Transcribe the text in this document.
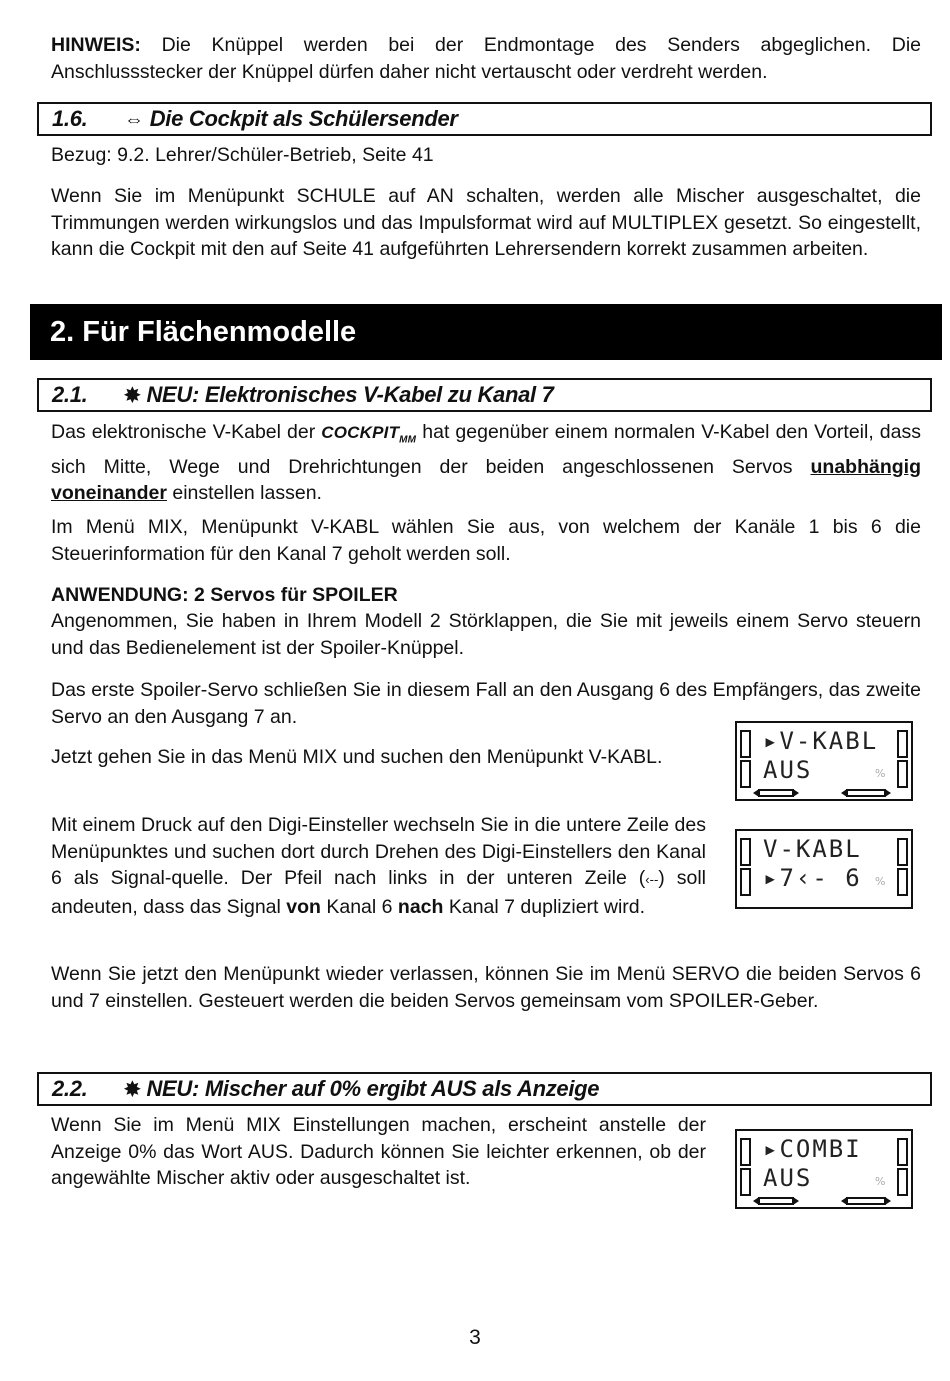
HINWEIS: Die Knüppel werden bei der Endmontage des Senders abgeglichen. Die Anschlussstecker der Knüppel dürfen daher nicht vertauscht oder verdreht werden.

1.6. ⇔ Die Cockpit als Schülersender

Bezug: 9.2. Lehrer/Schüler-Betrieb, Seite 41

Wenn Sie im Menüpunkt SCHULE auf AN schalten, werden alle Mischer ausgeschaltet, die Trimmungen werden wirkungslos und das Impulsformat wird auf MULTIPLEX gesetzt. So eingestellt, kann die Cockpit mit den auf Seite 41 aufgeführten Lehrersendern korrekt zusammen arbeiten.

2. Für Flächenmodelle
2.1. ✸ NEU: Elektronisches V-Kabel zu Kanal 7

Das elektronische V-Kabel der $COCKPIT_{MM}$ hat gegenüber einem normalen V-Kabel den Vorteil, dass sich Mitte, Wege und Drehrichtungen der beiden angeschlossenen Servos unabhängig voneinander einstellen lassen.

Im Menü MIX, Menüpunkt V-KABL wählen Sie aus, von welchem der Kanäle 1 bis 6 die Steuerinformation für den Kanal 7 geholt werden soll.

ANWENDUNG: 2 Servos für SPOILER

Angenommen, Sie haben in Ihrem Modell 2 Störklappen, die Sie mit jeweils einem Servo steuern und das Bedienelement ist der Spoiler-Knüppel.

Das erste Spoiler-Servo schließen Sie in diesem Fall an den Ausgang 6 des Empfängers, das zweite Servo an den Ausgang 7 an.

Jetzt gehen Sie in das Menü MIX und suchen den Menüpunkt V-KABL.

Mit einem Druck auf den Digi-Einsteller wechseln Sie in die untere Zeile des Menüpunktes und suchen dort durch Drehen des Digi-Einstellers den Kanal 6 als Signal-quelle. Der Pfeil nach links in der unteren Zeile (‹--) soll andeuten, dass das Signal von Kanal 6 nach Kanal 7 dupliziert wird.

Wenn Sie jetzt den Menüpunkt wieder verlassen, können Sie im Menü SERVO die beiden Servos 6 und 7 einstellen. Gesteuert werden die beiden Servos gemeinsam vom SPOILER-Geber.

2.2. ✸ NEU: Mischer auf 0% ergibt AUS als Anzeige

Wenn Sie im Menü MIX Einstellungen machen, erscheint anstelle der Anzeige 0% das Wort AUS. Dadurch können Sie leichter erkennen, ob der angewählte Mischer aktiv oder ausgeschaltet ist.

▸V-KABL
AUS	%
V-KABL
▸7‹- 6 %
▸COMBI
AUS	%
3
